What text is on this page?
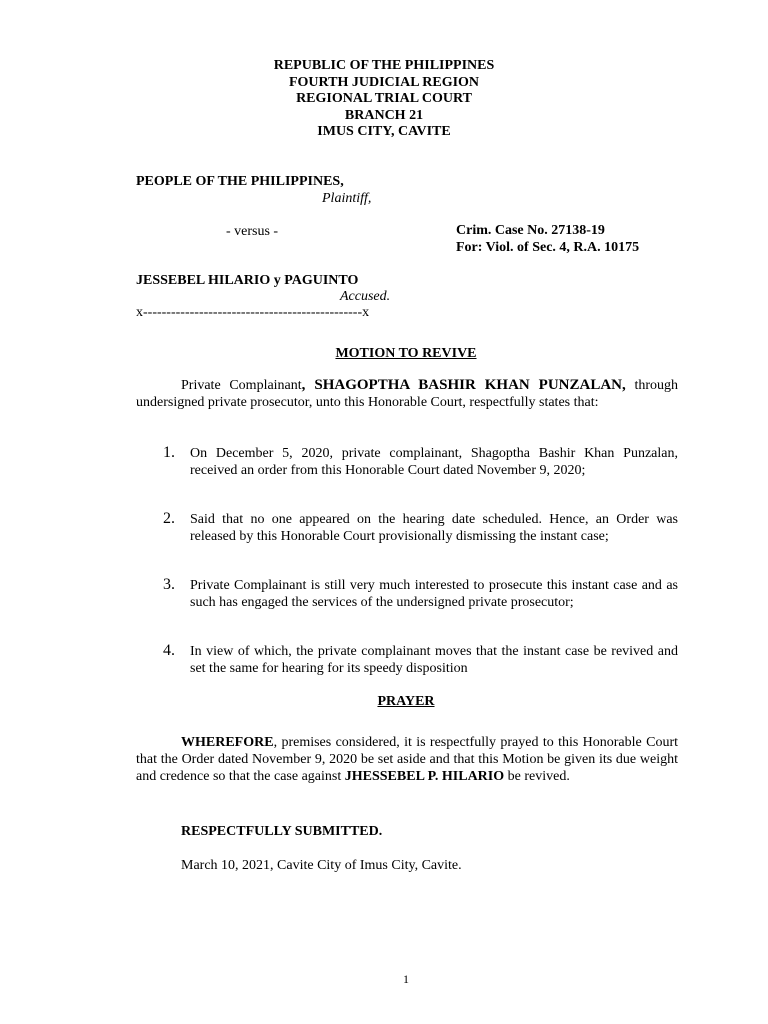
REPUBLIC OF THE PHILIPPINES
FOURTH JUDICIAL REGION
REGIONAL TRIAL COURT
BRANCH 21
IMUS CITY, CAVITE
PEOPLE OF THE PHILIPPINES,
Plaintiff,
- versus -	Crim. Case No. 27138-19
For: Viol. of Sec. 4, R.A. 10175
JESSEBEL HILARIO y PAGUINTO
Accused.
x-----------------------------------------------x
MOTION TO REVIVE
Private Complainant, SHAGOPTHA BASHIR KHAN PUNZALAN, through undersigned private prosecutor, unto this Honorable Court, respectfully states that:
1. On December 5, 2020, private complainant, Shagoptha Bashir Khan Punzalan, received an order from this Honorable Court dated November 9, 2020;
2. Said that no one appeared on the hearing date scheduled. Hence, an Order was released by this Honorable Court provisionally dismissing the instant case;
3. Private Complainant is still very much interested to prosecute this instant case and as such has engaged the services of the undersigned private prosecutor;
4. In view of which, the private complainant moves that the instant case be revived and set the same for hearing for its speedy disposition
PRAYER
WHEREFORE, premises considered, it is respectfully prayed to this Honorable Court that the Order dated November 9, 2020 be set aside and that this Motion be given its due weight and credence so that the case against JHESSEBEL P. HILARIO be revived.
RESPECTFULLY SUBMITTED.
March 10, 2021, Cavite City of Imus City, Cavite.
1
